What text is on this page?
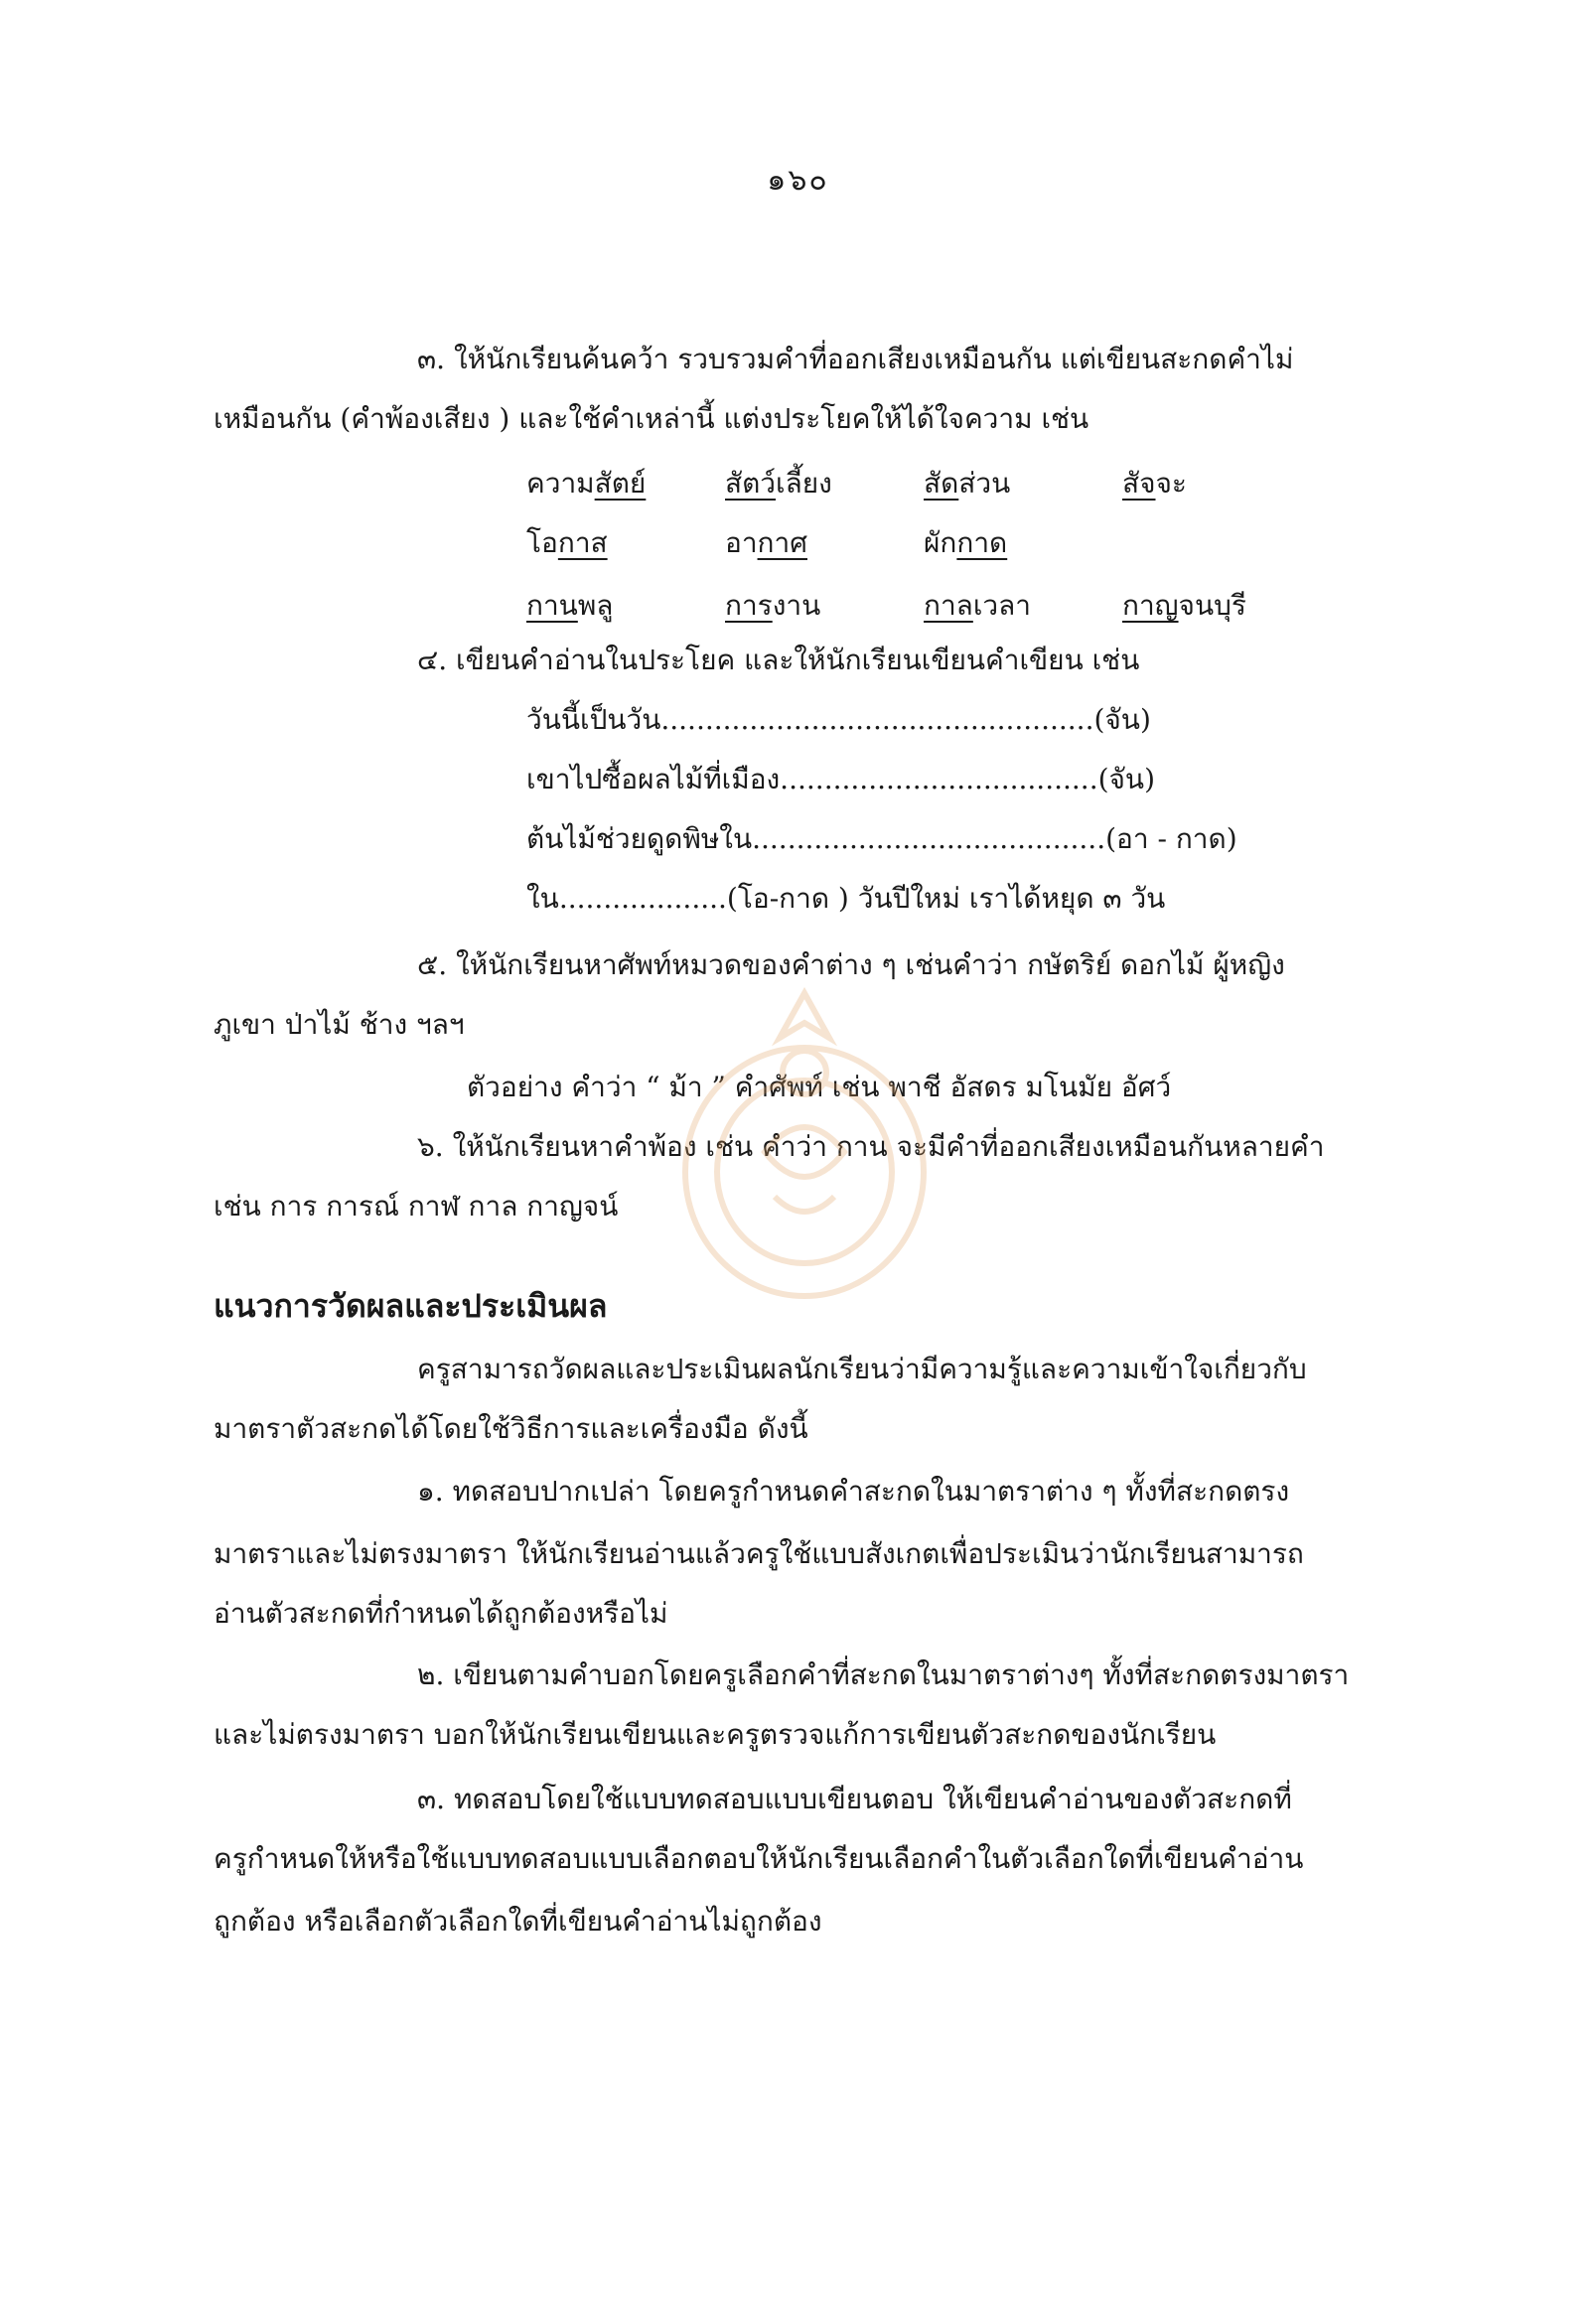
๑๖๐
๓. ให้นักเรียนค้นคว้า รวบรวมคำที่ออกเสียงเหมือนกัน แต่เขียนสะกดคำไม่
เหมือนกัน (คำพ้องเสียง ) และใช้คำเหล่านี้ แต่งประโยคให้ได้ใจความ เช่น
ความสัตย์	สัตว์เลี้ยง	สัดส่วน	สัจจะ
โอกาส	อากาศ	ผักกาด
กานพลู	การงาน	กาลเวลา	กาญจนบุรี
๔. เขียนคำอ่านในประโยค และให้นักเรียนเขียนคำเขียน เช่น
วันนี้เป็นวัน.................................................(จัน)
เขาไปซื้อผลไม้ที่เมือง....................................(จัน)
ต้นไม้ช่วยดูดพิษใน........................................(อา - กาด)
ใน...................(โอ-กาด ) วันปีใหม่ เราได้หยุด ๓ วัน
๕. ให้นักเรียนหาศัพท์หมวดของคำต่าง ๆ เช่นคำว่า กษัตริย์ ดอกไม้ ผู้หญิง
ภูเขา ป่าไม้ ช้าง ฯลฯ
ตัวอย่าง คำว่า “ ม้า ” คำศัพท์ เช่น พาชี อัสดร มโนมัย อัศว์
๖. ให้นักเรียนหาคำพ้อง เช่น คำว่า กาน จะมีคำที่ออกเสียงเหมือนกันหลายคำ
เช่น การ การณ์ กาฬ กาล กาญจน์
แนวการวัดผลและประเมินผล
ครูสามารถวัดผลและประเมินผลนักเรียนว่ามีความรู้และความเข้าใจเกี่ยวกับ
มาตราตัวสะกดได้โดยใช้วิธีการและเครื่องมือ ดังนี้
๑. ทดสอบปากเปล่า โดยครูกำหนดคำสะกดในมาตราต่าง ๆ ทั้งที่สะกดตรง
มาตราและไม่ตรงมาตรา ให้นักเรียนอ่านแล้วครูใช้แบบสังเกตเพื่อประเมินว่านักเรียนสามารถ
อ่านตัวสะกดที่กำหนดได้ถูกต้องหรือไม่
๒. เขียนตามคำบอกโดยครูเลือกคำที่สะกดในมาตราต่างๆ ทั้งที่สะกดตรงมาตรา
และไม่ตรงมาตรา บอกให้นักเรียนเขียนและครูตรวจแก้การเขียนตัวสะกดของนักเรียน
๓. ทดสอบโดยใช้แบบทดสอบแบบเขียนตอบ ให้เขียนคำอ่านของตัวสะกดที่
ครูกำหนดให้หรือใช้แบบทดสอบแบบเลือกตอบให้นักเรียนเลือกคำในตัวเลือกใดที่เขียนคำอ่าน
ถูกต้อง หรือเลือกตัวเลือกใดที่เขียนคำอ่านไม่ถูกต้อง
